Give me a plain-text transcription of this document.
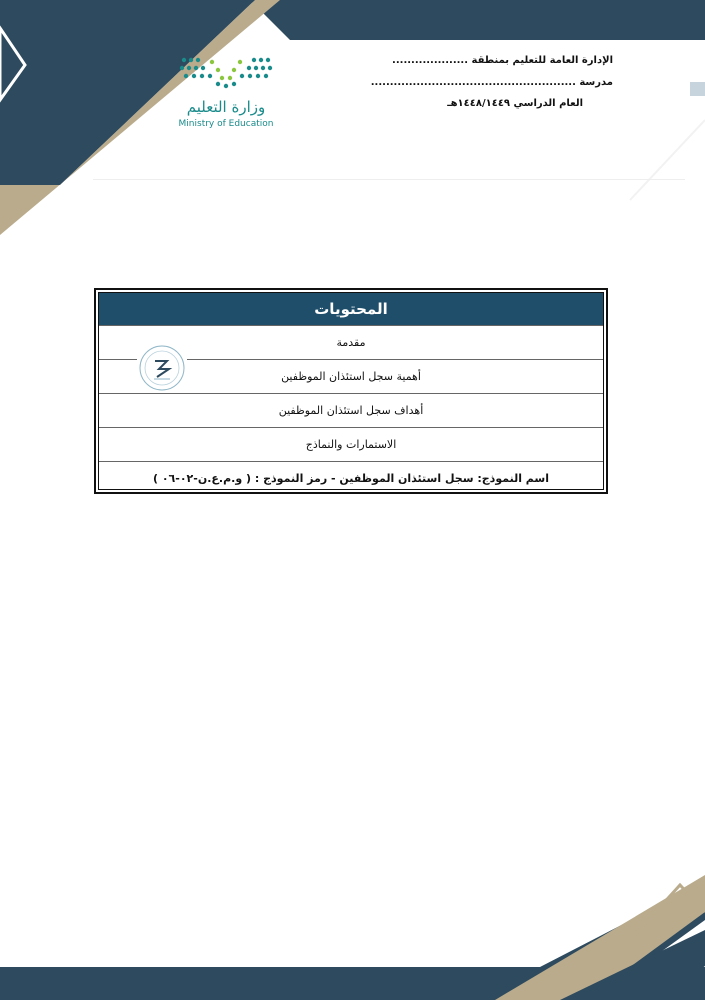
الإدارة العامة للتعليم بمنطقة ....................
مدرسة ......................................................
العام الدراسي ١٤٤٨/١٤٤٩هـ
وزارة التعليم
Ministry of Education
المحتويات
مقدمة
أهمية سجل استئذان الموظفين
أهداف سجل استئذان الموظفين
الاستمارات والنماذج
اسم النموذج: سجل استئذان الموظفين - رمز النموذج : ( و.م.ع.ن-٠٢-٠٦ )
